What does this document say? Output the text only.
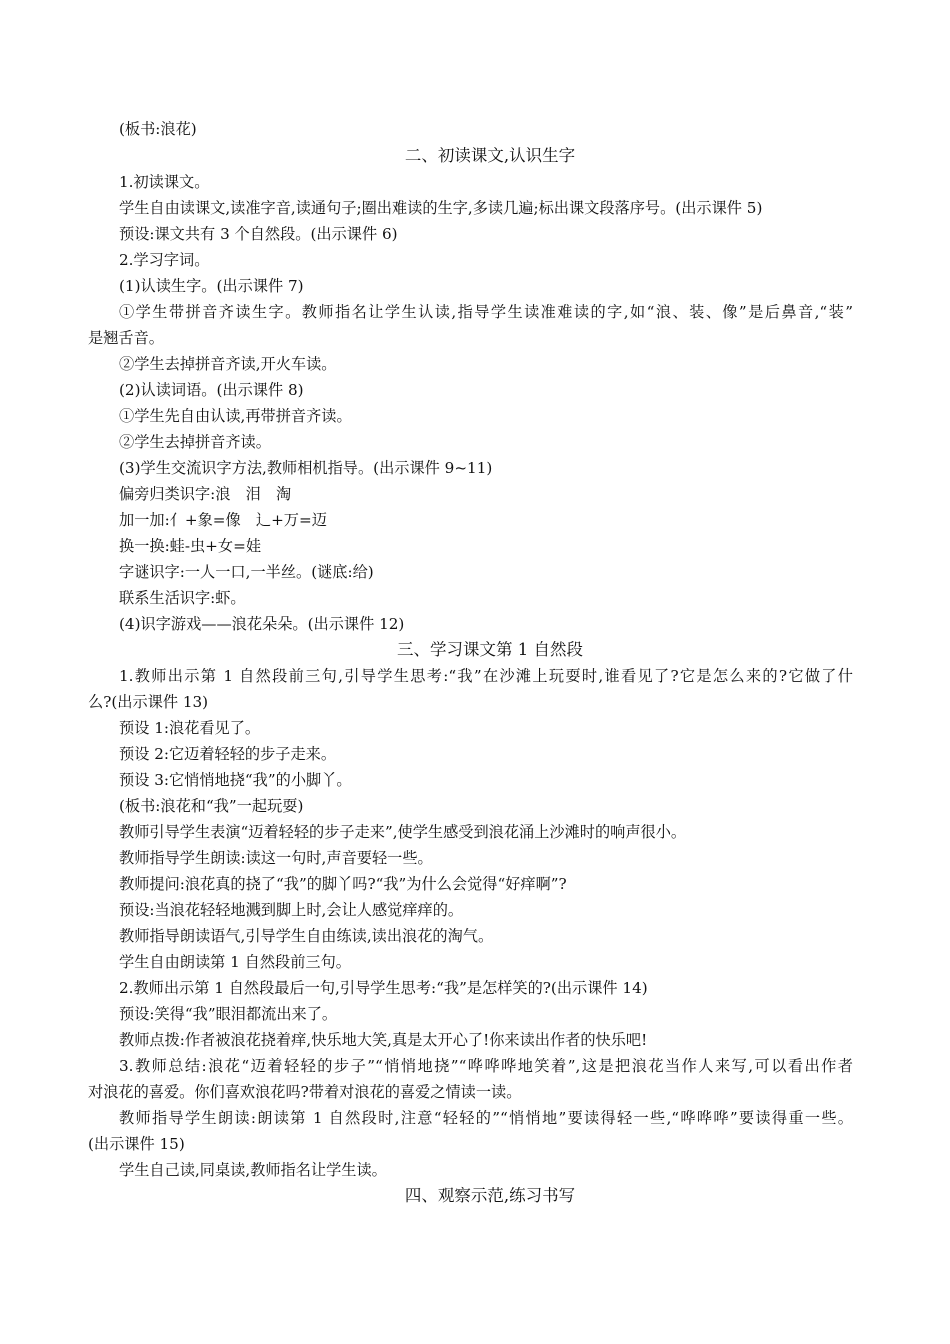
(板书:浪花)
二、初读课文,认识生字
1.初读课文。
学生自由读课文,读准字音,读通句子;圈出难读的生字,多读几遍;标出课文段落序号。(出示课件 5)
预设:课文共有 3 个自然段。(出示课件 6)
2.学习字词。
(1)认读生字。(出示课件 7)
①学生带拼音齐读生字。教师指名让学生认读,指导学生读准难读的字,如“浪、装、像”是后鼻音,“装”
是翘舌音。
②学生去掉拼音齐读,开火车读。
(2)认读词语。(出示课件 8)
①学生先自由认读,再带拼音齐读。
②学生去掉拼音齐读。
(3)学生交流识字方法,教师相机指导。(出示课件 9~11)
偏旁归类识字:浪　泪　淘
加一加:亻+象=像　辶+万=迈
换一换:蛙-虫+女=娃
字谜识字:一人一口,一半丝。(谜底:给)
联系生活识字:虾。
(4)识字游戏——浪花朵朵。(出示课件 12)
三、学习课文第 1 自然段
1.教师出示第 1 自然段前三句,引导学生思考:“我”在沙滩上玩耍时,谁看见了?它是怎么来的?它做了什
么?(出示课件 13)
预设 1:浪花看见了。
预设 2:它迈着轻轻的步子走来。
预设 3:它悄悄地挠“我”的小脚丫。
(板书:浪花和“我”一起玩耍)
教师引导学生表演“迈着轻轻的步子走来”,使学生感受到浪花涌上沙滩时的响声很小。
教师指导学生朗读:读这一句时,声音要轻一些。
教师提问:浪花真的挠了“我”的脚丫吗?“我”为什么会觉得“好痒啊”?
预设:当浪花轻轻地溅到脚上时,会让人感觉痒痒的。
教师指导朗读语气,引导学生自由练读,读出浪花的淘气。
学生自由朗读第 1 自然段前三句。
2.教师出示第 1 自然段最后一句,引导学生思考:“我”是怎样笑的?(出示课件 14)
预设:笑得“我”眼泪都流出来了。
教师点拨:作者被浪花挠着痒,快乐地大笑,真是太开心了!你来读出作者的快乐吧!
3.教师总结:浪花“迈着轻轻的步子”“悄悄地挠”“哗哗哗地笑着”,这是把浪花当作人来写,可以看出作者
对浪花的喜爱。你们喜欢浪花吗?带着对浪花的喜爱之情读一读。
教师指导学生朗读:朗读第 1 自然段时,注意“轻轻的”“悄悄地”要读得轻一些,“哗哗哗”要读得重一些。
(出示课件 15)
学生自己读,同桌读,教师指名让学生读。
四、观察示范,练习书写
